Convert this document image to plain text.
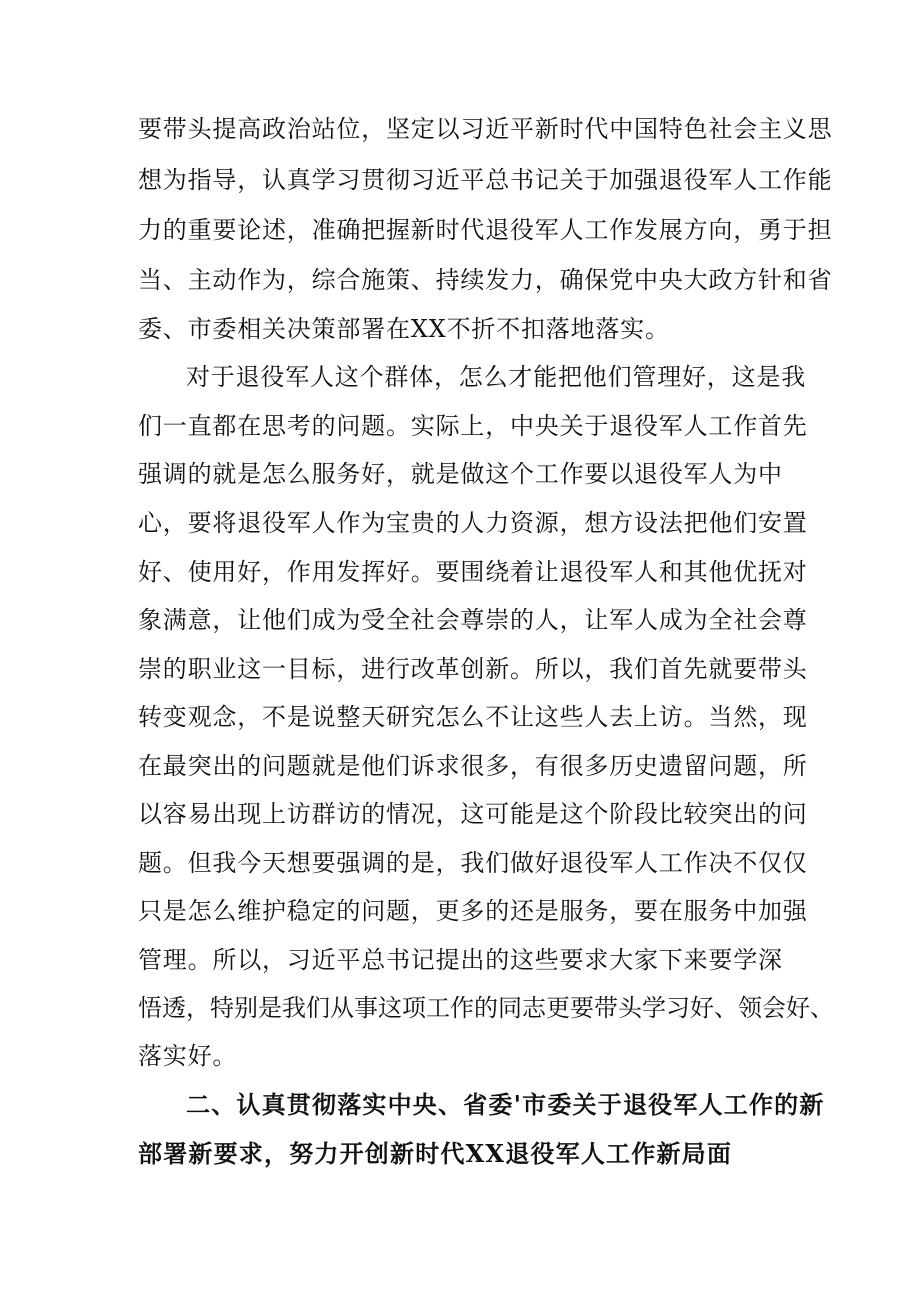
要带头提高政治站位，坚定以习近平新时代中国特色社会主义思
想为指导，认真学习贯彻习近平总书记关于加强退役军人工作能
力的重要论述，准确把握新时代退役军人工作发展方向，勇于担
当、主动作为，综合施策、持续发力，确保党中央大政方针和省
委、市委相关决策部署在XX不折不扣落地落实。
对于退役军人这个群体，怎么才能把他们管理好，这是我
们一直都在思考的问题。实际上，中央关于退役军人工作首先
强调的就是怎么服务好，就是做这个工作要以退役军人为中
心，要将退役军人作为宝贵的人力资源，想方设法把他们安置
好、使用好，作用发挥好。要围绕着让退役军人和其他优抚对
象满意，让他们成为受全社会尊崇的人，让军人成为全社会尊
崇的职业这一目标，进行改革创新。所以，我们首先就要带头
转变观念，不是说整天研究怎么不让这些人去上访。当然，现
在最突出的问题就是他们诉求很多，有很多历史遗留问题，所
以容易出现上访群访的情况，这可能是这个阶段比较突出的问
题。但我今天想要强调的是，我们做好退役军人工作决不仅仅
只是怎么维护稳定的问题，更多的还是服务，要在服务中加强
管理。所以，习近平总书记提出的这些要求大家下来要学深
悟透，特别是我们从事这项工作的同志更要带头学习好、领会好、
落实好。
二、认真贯彻落实中央、省委'市委关于退役军人工作的新
部署新要求，努力开创新时代XX退役军人工作新局面
